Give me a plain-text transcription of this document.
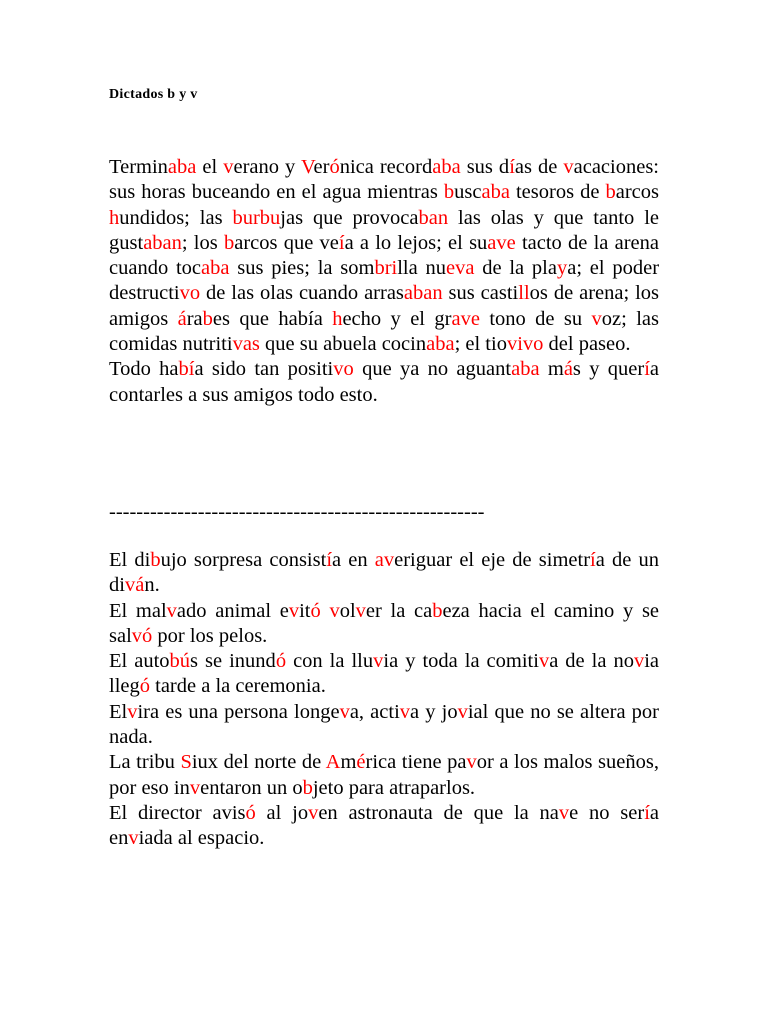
Dictados b y v

Terminaba el verano y Verónica recordaba sus días de vacaciones: sus horas buceando en el agua mientras buscaba tesoros de barcos hundidos; las burbujas que provocaban las olas y que tanto le gustaban; los barcos que veía a lo lejos; el suave tacto de la arena cuando tocaba sus pies; la sombrilla nueva de la playa; el poder destructivo de las olas cuando arrasaban sus castillos de arena; los amigos árabes que había hecho y el grave tono de su voz; las comidas nutritivas que su abuela cocinaba; el tiovivo del paseo.

Todo había sido tan positivo que ya no aguantaba más y quería contarles a sus amigos todo esto.

-------------------------------------------------------

El dibujo sorpresa consistía en averiguar el eje de simetría de un diván.

El malvado animal evitó volver la cabeza hacia el camino y se salvó por los pelos.

El autobús se inundó con la lluvia y toda la comitiva de la novia llegó tarde a la ceremonia.

Elvira es una persona longeva, activa y jovial que no se altera por nada.

La tribu Siux del norte de América tiene pavor a los malos sueños, por eso inventaron un objeto para atraparlos.

El director avisó al joven astronauta de que la nave no sería enviada al espacio.
